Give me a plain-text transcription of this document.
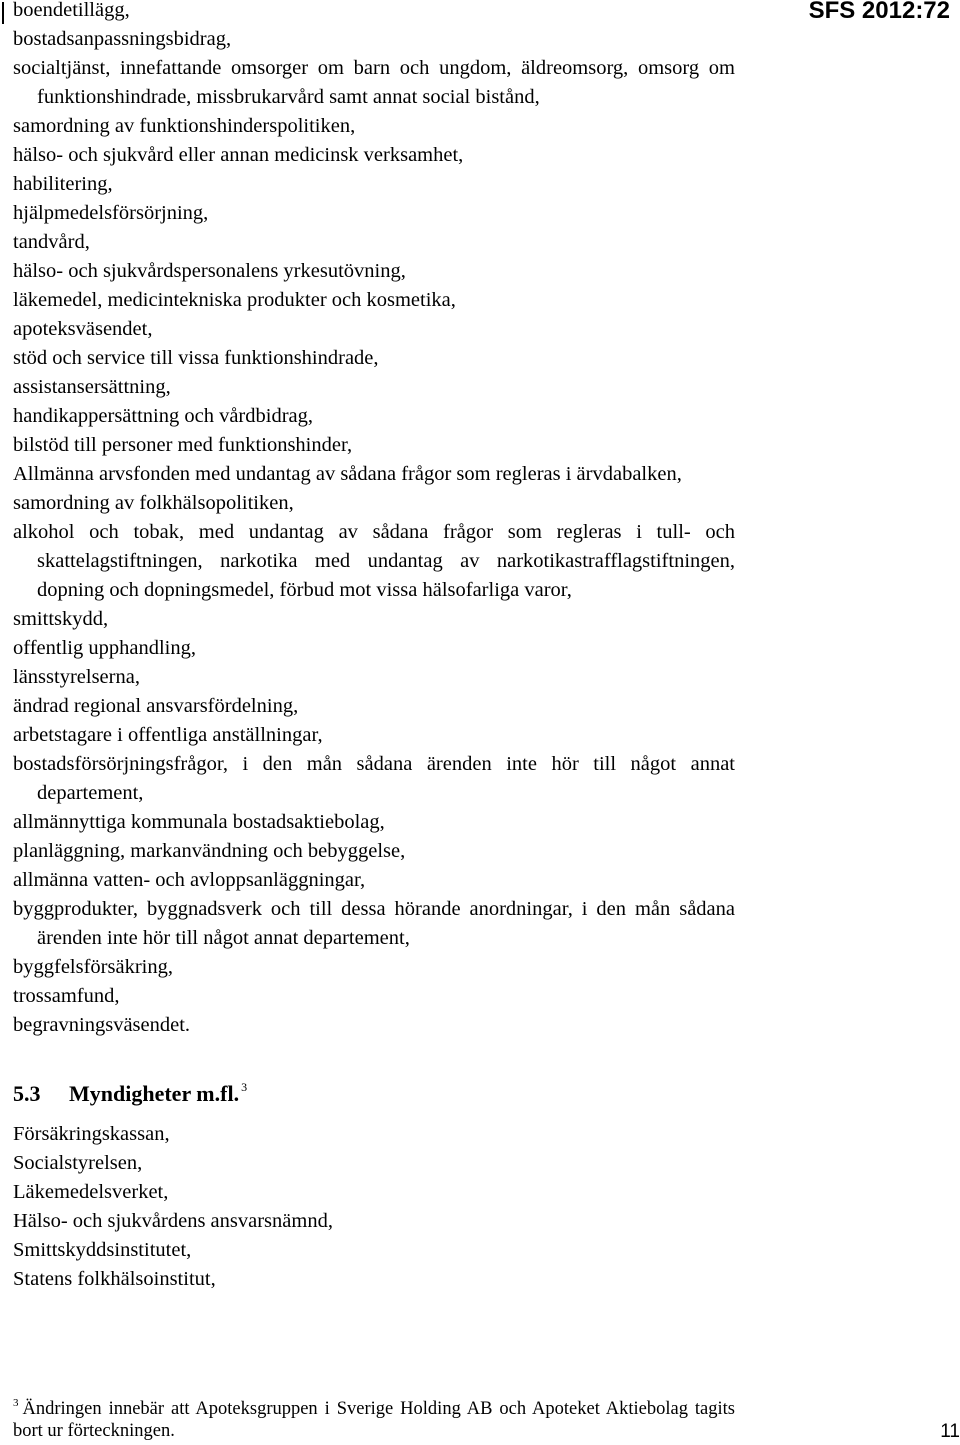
SFS 2012:72

boendetillägg,

bostadsanpassningsbidrag,

socialtjänst, innefattande omsorger om barn och ungdom, äldreomsorg, omsorg om funktionshindrade, missbrukarvård samt annat social bistånd,

samordning av funktionshinderspolitiken,

hälso- och sjukvård eller annan medicinsk verksamhet,

habilitering,

hjälpmedelsförsörjning,

tandvård,

hälso- och sjukvårdspersonalens yrkesutövning,

läkemedel, medicintekniska produkter och kosmetika,

apoteksväsendet,

stöd och service till vissa funktionshindrade,

assistansersättning,

handikappersättning och vårdbidrag,

bilstöd till personer med funktionshinder,

Allmänna arvsfonden med undantag av sådana frågor som regleras i ärvdabalken,

samordning av folkhälsopolitiken,

alkohol och tobak, med undantag av sådana frågor som regleras i tull- och skattelagstiftningen, narkotika med undantag av narkotikastrafflagstiftningen, dopning och dopningsmedel, förbud mot vissa hälsofarliga varor,

smittskydd,

offentlig upphandling,

länsstyrelserna,

ändrad regional ansvarsfördelning,

arbetstagare i offentliga anställningar,

bostadsförsörjningsfrågor, i den mån sådana ärenden inte hör till något annat departement,

allmännyttiga kommunala bostadsaktiebolag,

planläggning, markanvändning och bebyggelse,

allmänna vatten- och avloppsanläggningar,

byggprodukter, byggnadsverk och till dessa hörande anordningar, i den mån sådana ärenden inte hör till något annat departement,

byggfelsförsäkring,

trossamfund,

begravningsväsendet.

5.3 Myndigheter m.fl. $^3$

Försäkringskassan,

Socialstyrelsen,

Läkemedelsverket,

Hälso- och sjukvårdens ansvarsnämnd,

Smittskyddsinstitutet,

Statens folkhälsoinstitut,

$^3$ Ändringen innebär att Apoteksgruppen i Sverige Holding AB och Apoteket Aktiebolag tagits bort ur förteckningen.	11
